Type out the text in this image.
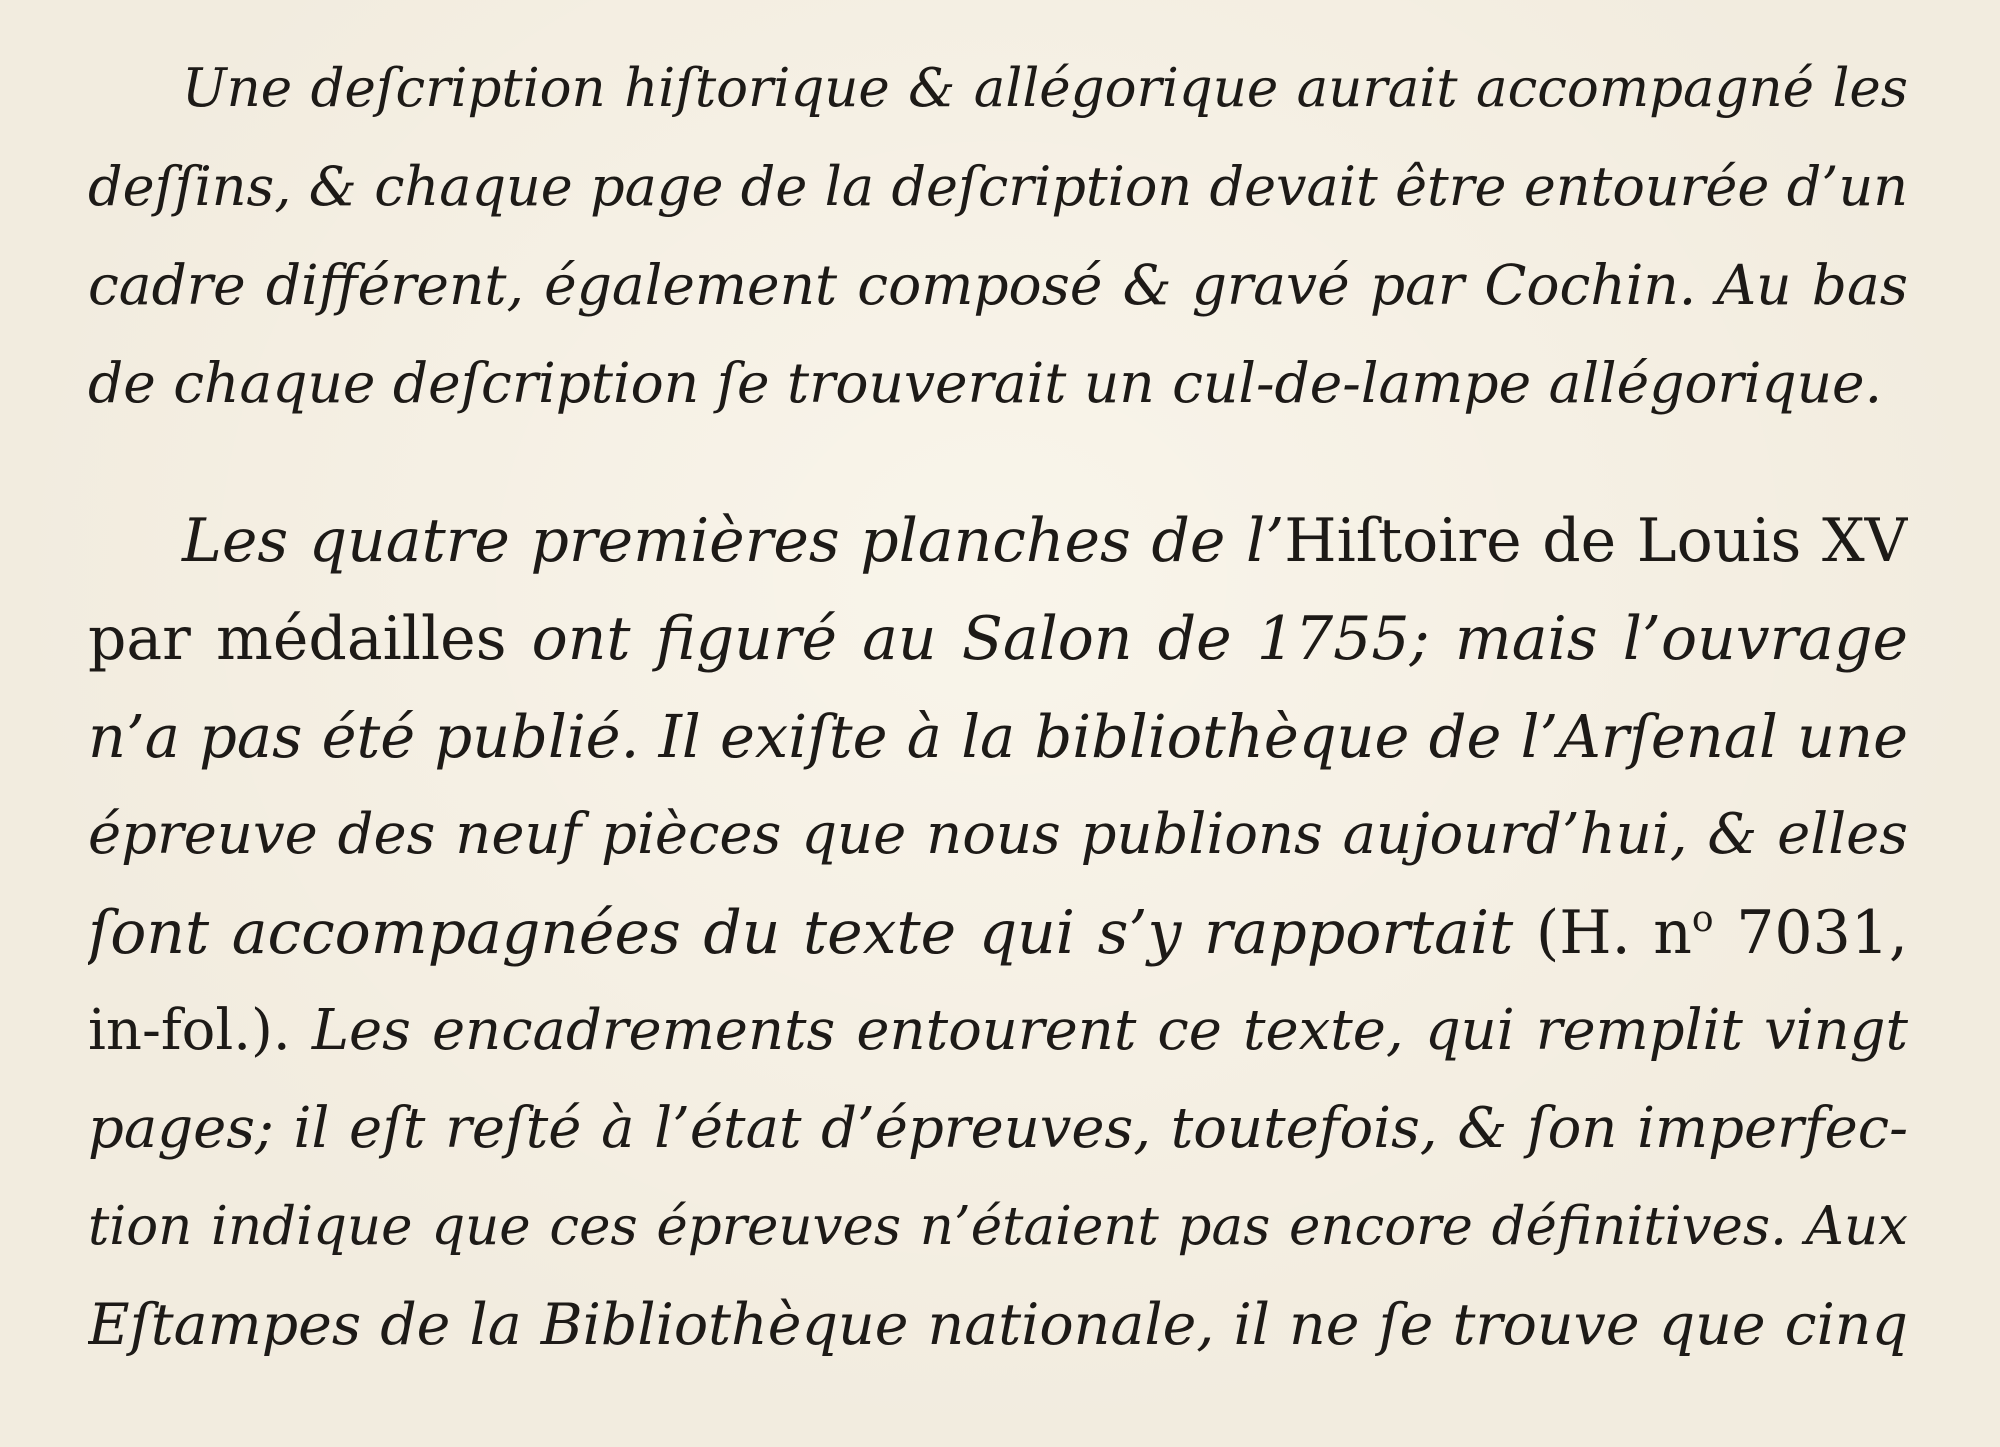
Une deſcription hiſtorique & allégorique aurait accompagné les
deſſins, & chaque page de la deſcription devait être entourée d’un
cadre différent, également composé & gravé par Cochin. Au bas
de chaque deſcription ſe trouverait un cul-de-lampe allégorique.
Les quatre premières planches de l’Hiſtoire de Louis XV
par médailles ont figuré au Salon de 1755; mais l’ouvrage
n’a pas été publié. Il exiſte à la bibliothèque de l’Arſenal une
épreuve des neuf pièces que nous publions aujourd’hui, & elles
ſont accompagnées du texte qui s’y rapportait (H. $n^o$ 7031,
in-fol.). Les encadrements entourent ce texte, qui remplit vingt
pages; il eſt reſté à l’état d’épreuves, toutefois, & ſon imperfec-
tion indique que ces épreuves n’étaient pas encore définitives. Aux
Eſtampes de la Bibliothèque nationale, il ne ſe trouve que cinq
